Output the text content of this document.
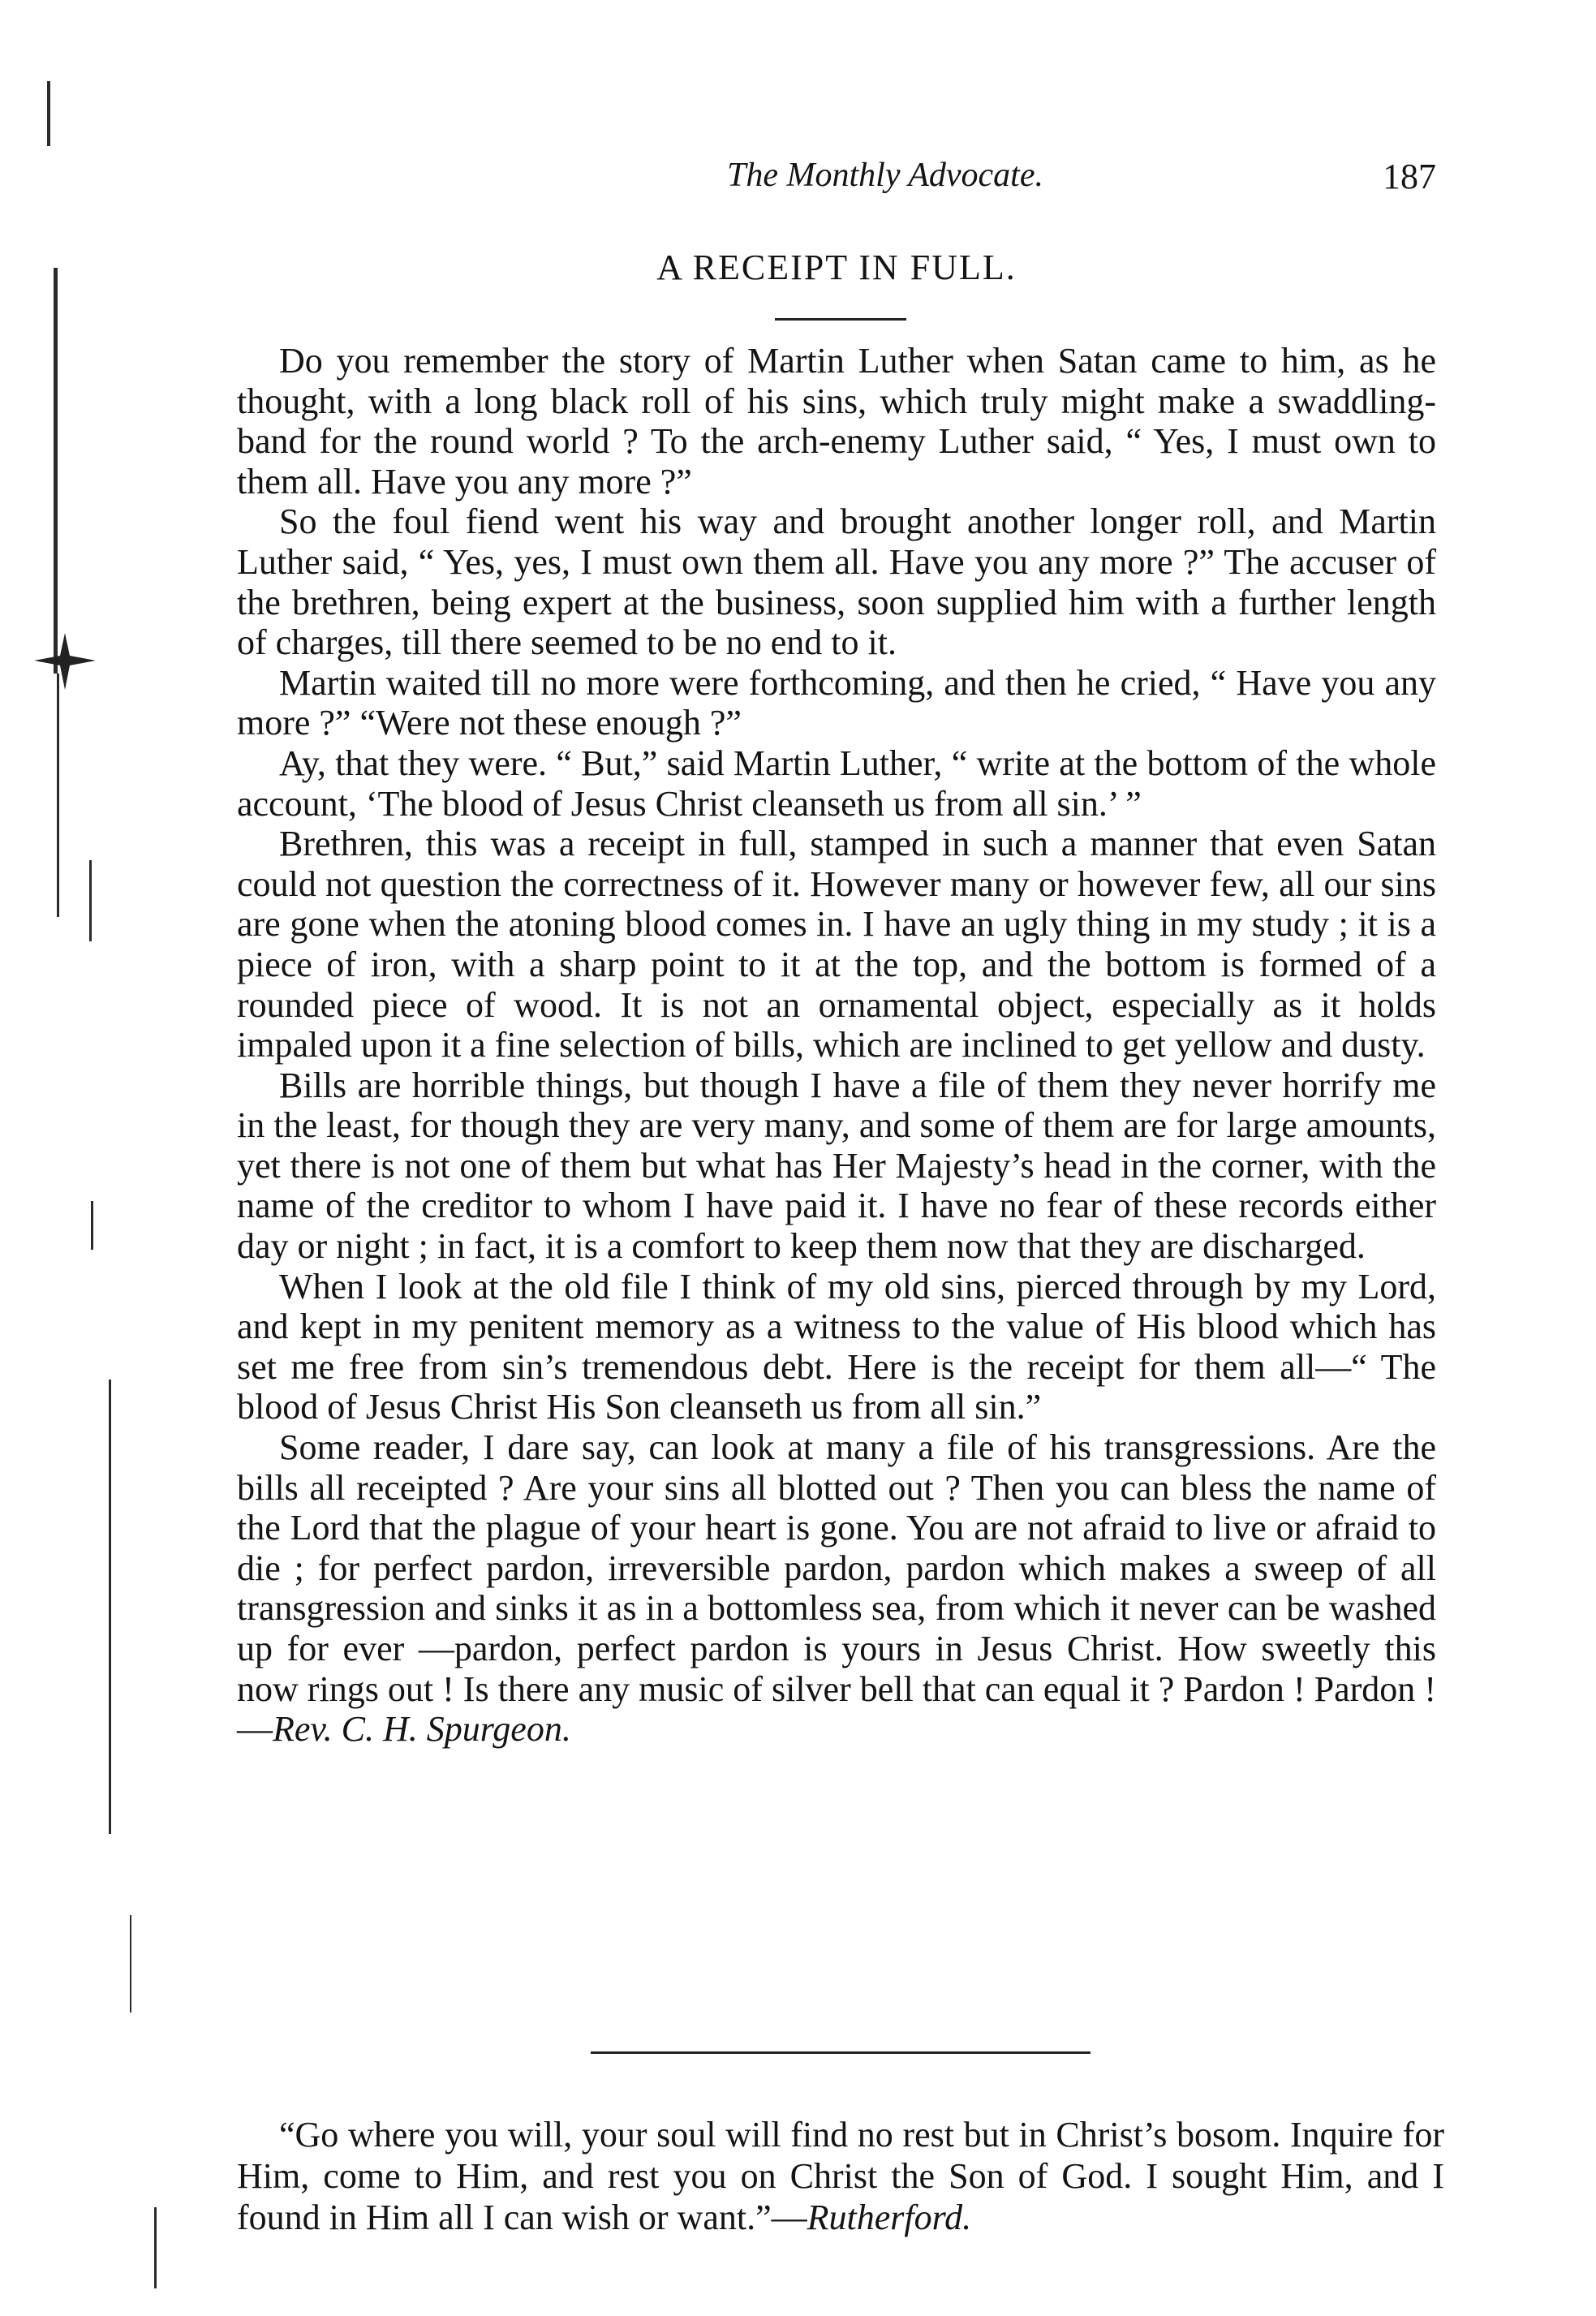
The Monthly Advocate.	187
A RECEIPT IN FULL.

Do you remember the story of Martin Luther when Satan came to him, as he thought, with a long black roll of his sins, which truly might make a swaddling-band for the round world ? To the arch-enemy Luther said, “ Yes, I must own to them all. Have you any more ?”

So the foul fiend went his way and brought another longer roll, and Martin Luther said, “ Yes, yes, I must own them all. Have you any more ?” The accuser of the brethren, being expert at the business, soon supplied him with a further length of charges, till there seemed to be no end to it.

Martin waited till no more were forthcoming, and then he cried, “ Have you any more ?” “Were not these enough ?”

Ay, that they were. “ But,” said Martin Luther, “ write at the bottom of the whole account, ‘The blood of Jesus Christ cleanseth us from all sin.’ ”

Brethren, this was a receipt in full, stamped in such a manner that even Satan could not question the correctness of it. However many or however few, all our sins are gone when the atoning blood comes in. I have an ugly thing in my study ; it is a piece of iron, with a sharp point to it at the top, and the bottom is formed of a rounded piece of wood. It is not an ornamental object, especially as it holds impaled upon it a fine selection of bills, which are inclined to get yellow and dusty.

Bills are horrible things, but though I have a file of them they never horrify me in the least, for though they are very many, and some of them are for large amounts, yet there is not one of them but what has Her Majesty’s head in the corner, with the name of the creditor to whom I have paid it. I have no fear of these records either day or night ; in fact, it is a comfort to keep them now that they are discharged.

When I look at the old file I think of my old sins, pierced through by my Lord, and kept in my penitent memory as a witness to the value of His blood which has set me free from sin’s tremendous debt. Here is the receipt for them all—“ The blood of Jesus Christ His Son cleanseth us from all sin.”

Some reader, I dare say, can look at many a file of his transgressions. Are the bills all receipted ? Are your sins all blotted out ? Then you can bless the name of the Lord that the plague of your heart is gone. You are not afraid to live or afraid to die ; for perfect pardon, irreversible pardon, pardon which makes a sweep of all transgression and sinks it as in a bottomless sea, from which it never can be washed up for ever —pardon, perfect pardon is yours in Jesus Christ. How sweetly this now rings out ! Is there any music of silver bell that can equal it ? Pardon ! Pardon !—Rev. C. H. Spurgeon.

“Go where you will, your soul will find no rest but in Christ’s bosom. Inquire for Him, come to Him, and rest you on Christ the Son of God. I sought Him, and I found in Him all I can wish or want.”—Rutherford.
